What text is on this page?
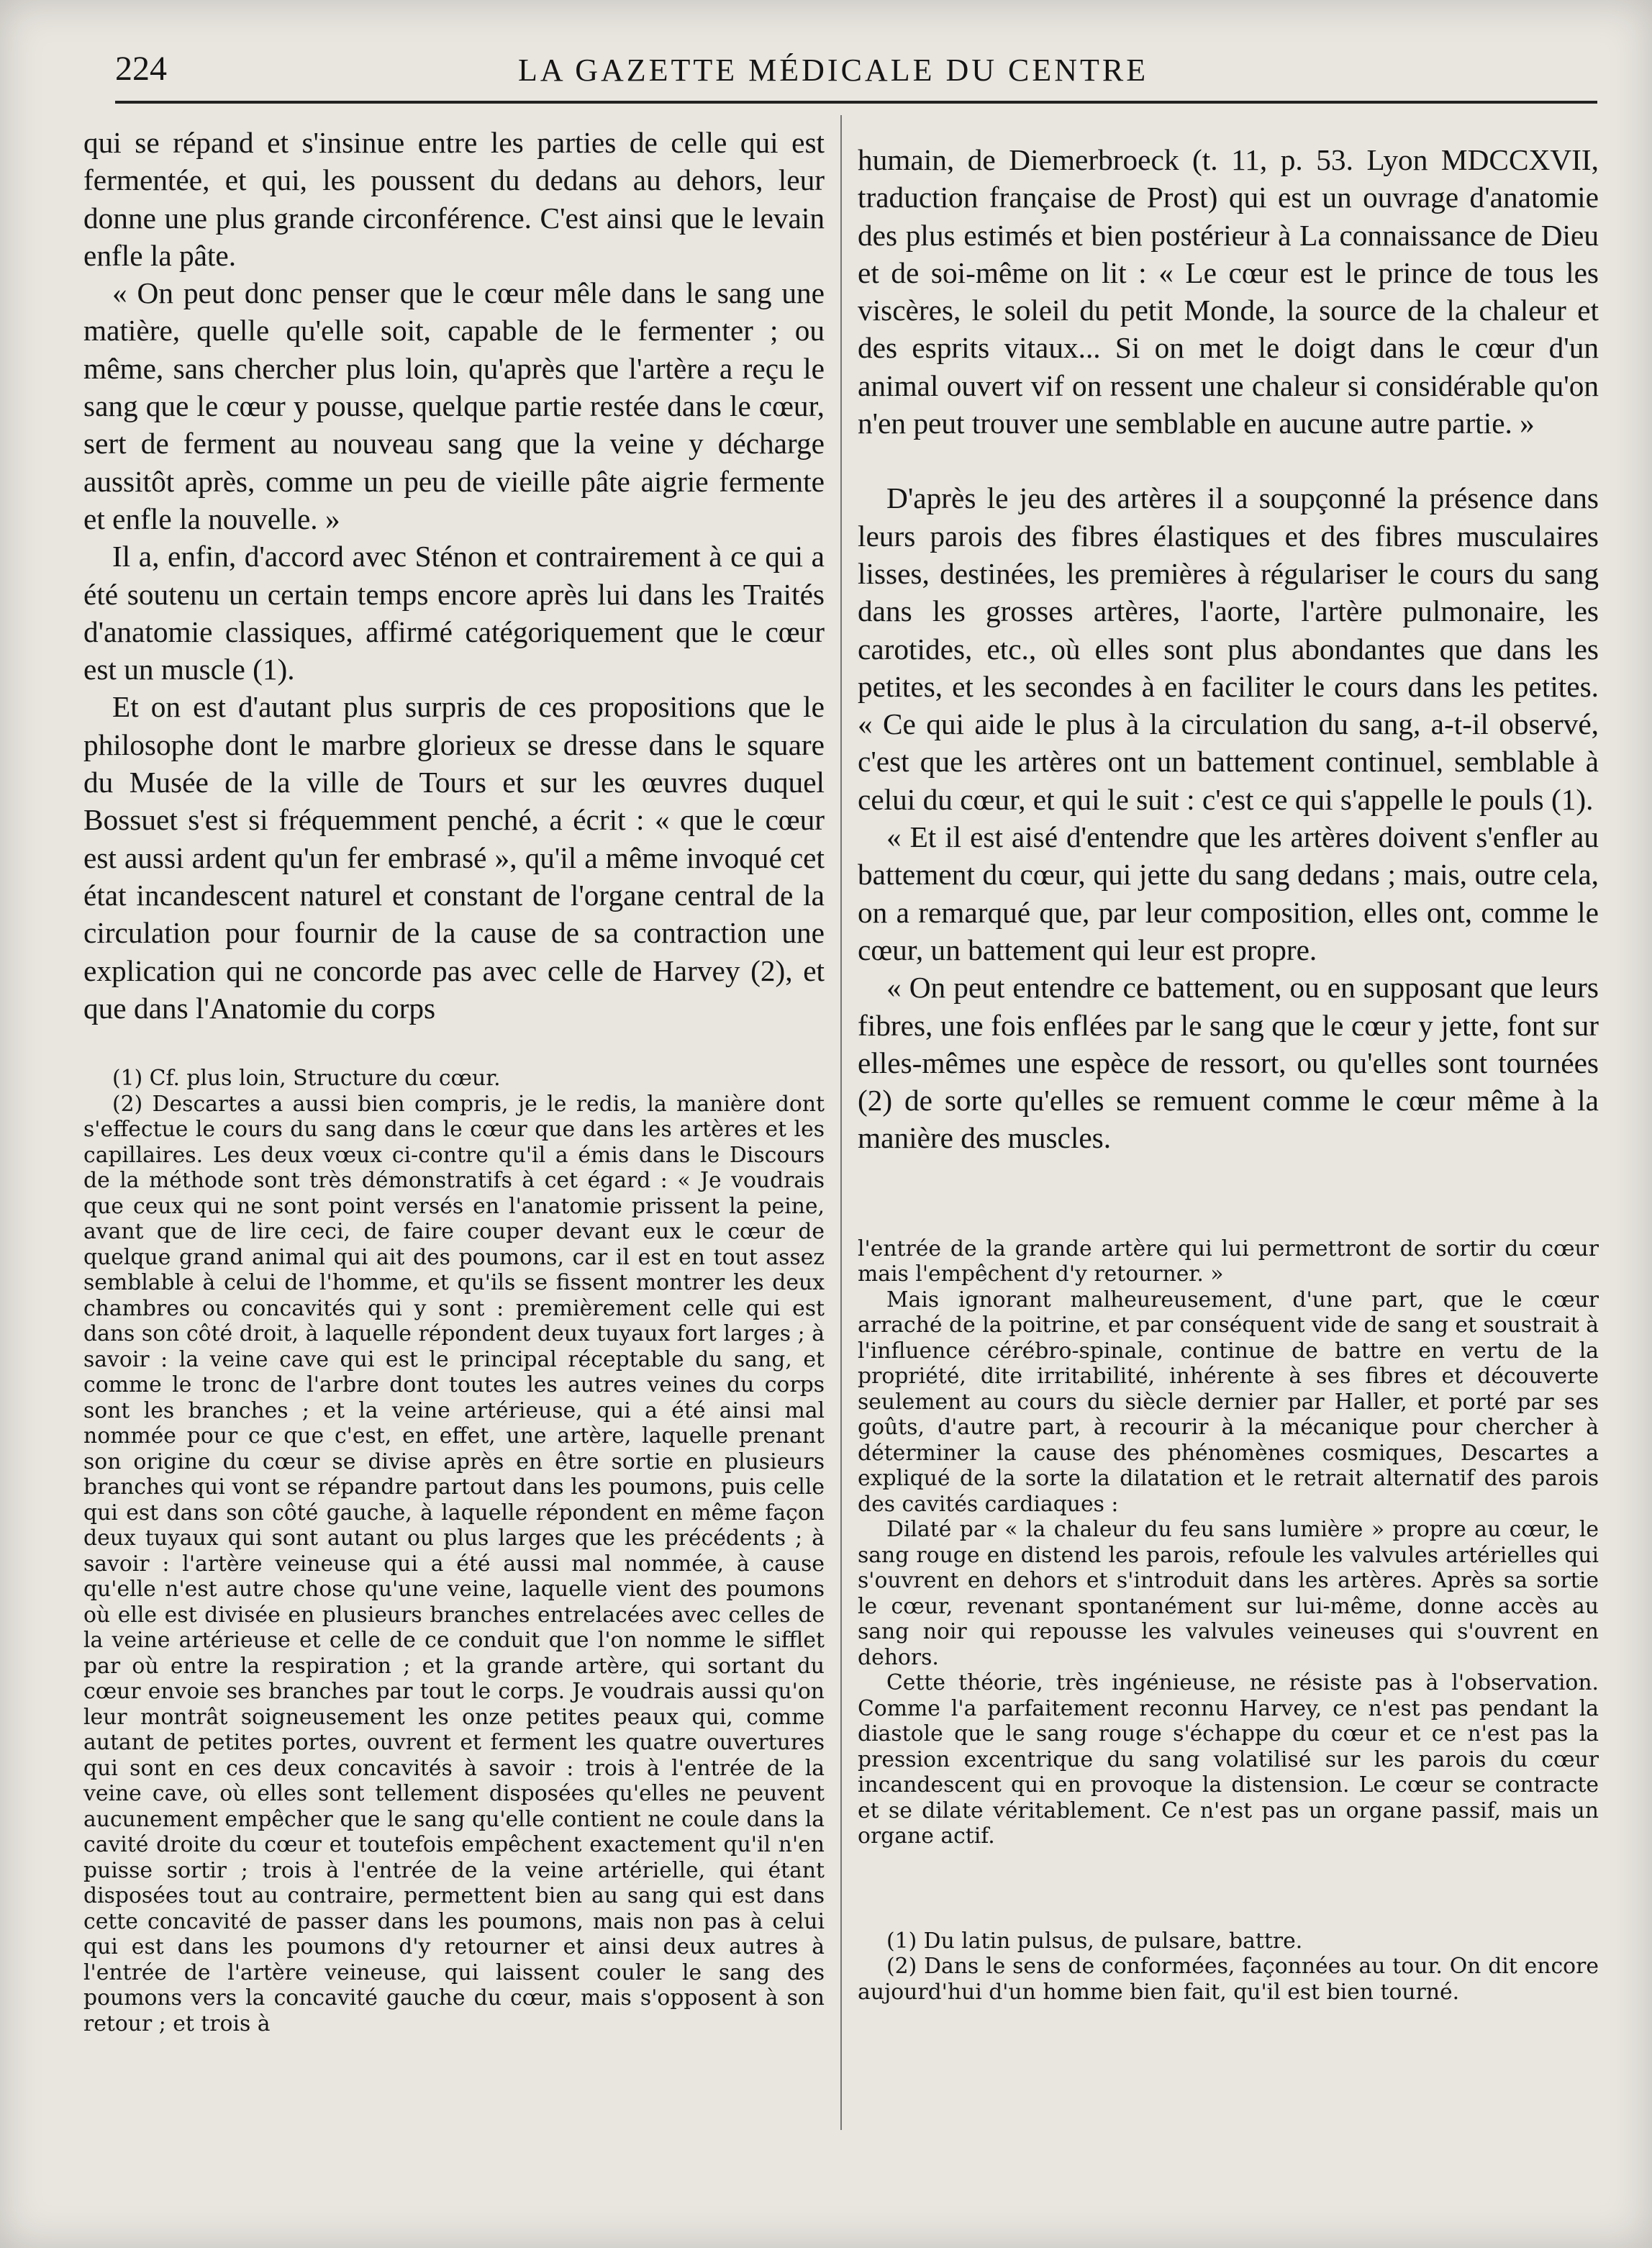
224	LA GAZETTE MÉDICALE DU CENTRE

qui se répand et s'insinue entre les parties de celle qui est fermentée, et qui, les poussent du dedans au dehors, leur donne une plus grande circonférence. C'est ainsi que le levain enfle la pâte.

« On peut donc penser que le cœur mêle dans le sang une matière, quelle qu'elle soit, capable de le fermenter ; ou même, sans chercher plus loin, qu'après que l'artère a reçu le sang que le cœur y pousse, quelque partie restée dans le cœur, sert de ferment au nouveau sang que la veine y décharge aussitôt après, comme un peu de vieille pâte aigrie fermente et enfle la nouvelle. »

Il a, enfin, d'accord avec Sténon et contrairement à ce qui a été soutenu un certain temps encore après lui dans les Traités d'anatomie classiques, affirmé catégoriquement que le cœur est un muscle (1).

Et on est d'autant plus surpris de ces propositions que le philosophe dont le marbre glorieux se dresse dans le square du Musée de la ville de Tours et sur les œuvres duquel Bossuet s'est si fréquemment penché, a écrit : « que le cœur est aussi ardent qu'un fer embrasé », qu'il a même invoqué cet état incandescent naturel et constant de l'organe central de la circulation pour fournir de la cause de sa contraction une explication qui ne concorde pas avec celle de Harvey (2), et que dans l'Anatomie du corps

(1) Cf. plus loin, Structure du cœur.

(2) Descartes a aussi bien compris, je le redis, la manière dont s'effectue le cours du sang dans le cœur que dans les artères et les capillaires. Les deux vœux ci-contre qu'il a émis dans le Discours de la méthode sont très démonstratifs à cet égard : « Je voudrais que ceux qui ne sont point versés en l'anatomie prissent la peine, avant que de lire ceci, de faire couper devant eux le cœur de quelque grand animal qui ait des poumons, car il est en tout assez semblable à celui de l'homme, et qu'ils se fissent montrer les deux chambres ou concavités qui y sont : premièrement celle qui est dans son côté droit, à laquelle répondent deux tuyaux fort larges ; à savoir : la veine cave qui est le principal réceptable du sang, et comme le tronc de l'arbre dont toutes les autres veines du corps sont les branches ; et la veine artérieuse, qui a été ainsi mal nommée pour ce que c'est, en effet, une artère, laquelle prenant son origine du cœur se divise après en être sortie en plusieurs branches qui vont se répandre partout dans les poumons, puis celle qui est dans son côté gauche, à laquelle répondent en même façon deux tuyaux qui sont autant ou plus larges que les précédents ; à savoir : l'artère veineuse qui a été aussi mal nommée, à cause qu'elle n'est autre chose qu'une veine, laquelle vient des poumons où elle est divisée en plusieurs branches entrelacées avec celles de la veine artérieuse et celle de ce conduit que l'on nomme le sifflet par où entre la respiration ; et la grande artère, qui sortant du cœur envoie ses branches par tout le corps. Je voudrais aussi qu'on leur montrât soigneusement les onze petites peaux qui, comme autant de petites portes, ouvrent et ferment les quatre ouvertures qui sont en ces deux concavités à savoir : trois à l'entrée de la veine cave, où elles sont tellement disposées qu'elles ne peuvent aucunement empêcher que le sang qu'elle contient ne coule dans la cavité droite du cœur et toutefois empêchent exactement qu'il n'en puisse sortir ; trois à l'entrée de la veine artérielle, qui étant disposées tout au contraire, permettent bien au sang qui est dans cette concavité de passer dans les poumons, mais non pas à celui qui est dans les poumons d'y retourner et ainsi deux autres à l'entrée de l'artère veineuse, qui laissent couler le sang des poumons vers la concavité gauche du cœur, mais s'opposent à son retour ; et trois à

humain, de Diemerbroeck (t. 11, p. 53. Lyon MDCCXVII, traduction française de Prost) qui est un ouvrage d'anatomie des plus estimés et bien postérieur à La connaissance de Dieu et de soi-même on lit : « Le cœur est le prince de tous les viscères, le soleil du petit Monde, la source de la chaleur et des esprits vitaux... Si on met le doigt dans le cœur d'un animal ouvert vif on ressent une chaleur si considérable qu'on n'en peut trouver une semblable en aucune autre partie. »

D'après le jeu des artères il a soupçonné la présence dans leurs parois des fibres élastiques et des fibres musculaires lisses, destinées, les premières à régulariser le cours du sang dans les grosses artères, l'aorte, l'artère pulmonaire, les carotides, etc., où elles sont plus abondantes que dans les petites, et les secondes à en faciliter le cours dans les petites. « Ce qui aide le plus à la circulation du sang, a-t-il observé, c'est que les artères ont un battement continuel, semblable à celui du cœur, et qui le suit : c'est ce qui s'appelle le pouls (1).

« Et il est aisé d'entendre que les artères doivent s'enfler au battement du cœur, qui jette du sang dedans ; mais, outre cela, on a remarqué que, par leur composition, elles ont, comme le cœur, un battement qui leur est propre.

« On peut entendre ce battement, ou en supposant que leurs fibres, une fois enflées par le sang que le cœur y jette, font sur elles-mêmes une espèce de ressort, ou qu'elles sont tournées (2) de sorte qu'elles se remuent comme le cœur même à la manière des muscles.

l'entrée de la grande artère qui lui permettront de sortir du cœur mais l'empêchent d'y retourner. »

Mais ignorant malheureusement, d'une part, que le cœur arraché de la poitrine, et par conséquent vide de sang et soustrait à l'influence cérébro-spinale, continue de battre en vertu de la propriété, dite irritabilité, inhérente à ses fibres et découverte seulement au cours du siècle dernier par Haller, et porté par ses goûts, d'autre part, à recourir à la mécanique pour chercher à déterminer la cause des phénomènes cosmiques, Descartes a expliqué de la sorte la dilatation et le retrait alternatif des parois des cavités cardiaques :

Dilaté par « la chaleur du feu sans lumière » propre au cœur, le sang rouge en distend les parois, refoule les valvules artérielles qui s'ouvrent en dehors et s'introduit dans les artères. Après sa sortie le cœur, revenant spontanément sur lui-même, donne accès au sang noir qui repousse les valvules veineuses qui s'ouvrent en dehors.

Cette théorie, très ingénieuse, ne résiste pas à l'observation. Comme l'a parfaitement reconnu Harvey, ce n'est pas pendant la diastole que le sang rouge s'échappe du cœur et ce n'est pas la pression excentrique du sang volatilisé sur les parois du cœur incandescent qui en provoque la distension. Le cœur se contracte et se dilate véritablement. Ce n'est pas un organe passif, mais un organe actif.

(1) Du latin pulsus, de pulsare, battre.

(2) Dans le sens de conformées, façonnées au tour. On dit encore aujourd'hui d'un homme bien fait, qu'il est bien tourné.
